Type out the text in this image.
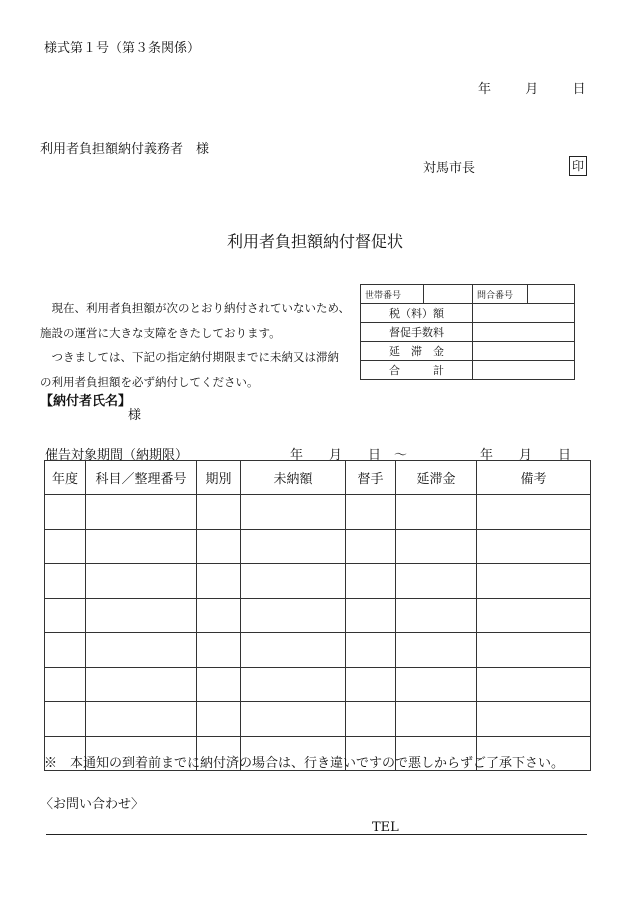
様式第１号（第３条関係）
年	月	日
利用者負担額納付義務者　様
対馬市長	印
利用者負担額納付督促状
　現在、利用者負担額が次のとおり納付されていないため、
施設の運営に大きな支障をきたしております。
　つきましては、下記の指定納付期限までに未納又は滞納
の利用者負担額を必ず納付してください。
世帯番号		問合番号	
税（料）額			
督促手数料			
延　滞　金			
合　　　計			
【納付者氏名】
様
催告対象期間（納期限）	年　　月　　日　～	年　　月　　日
年度	科目／整理番号	期別	未納額	督手	延滞金	備考

※　本通知の到着前までに納付済の場合は、行き違いですので悪しからずご了承下さい。
〈お問い合わせ〉
TEL
